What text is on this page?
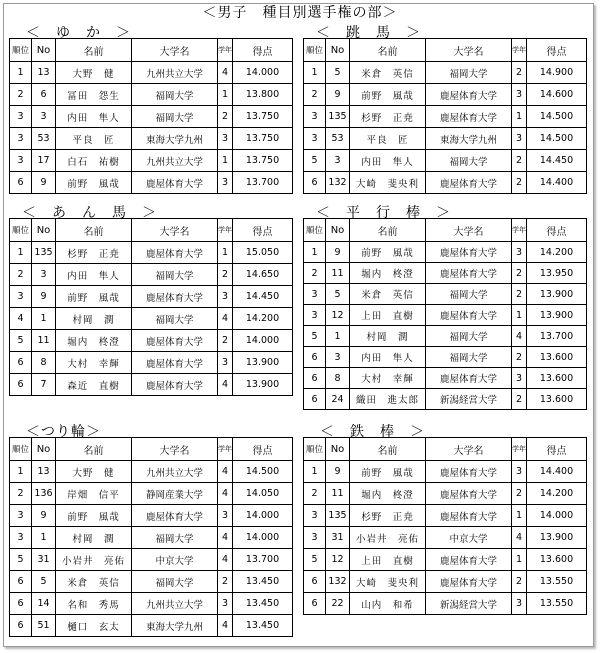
＜男子　種目別選手権の部＞
＜　ゆ　か　＞
順位	No	名前	大学名	学年	得点
1	13	大野　健	九州共立大学	4	14.000
2	6	冨田　怨生	福岡大学	1	13.800
3	3	内田　隼人	福岡大学	2	13.750
3	53	平良　匠	東海大学九州	3	13.750
3	17	白石　祐樹	九州共立大学	1	13.750
6	9	前野　風哉	鹿屋体育大学	3	13.700
＜　跳　馬　＞
順位	No	名前	大学名	学年	得点
1	5	米倉　英信	福岡大学	2	14.900
2	9	前野　風哉	鹿屋体育大学	3	14.600
3	135	杉野　正尭	鹿屋体育大学	1	14.500
3	53	平良　匠	東海大学九州	3	14.500
5	3	内田　隼人	福岡大学	2	14.450
6	132	大崎　斐央利	鹿屋体育大学	2	14.400
＜　あ　ん　馬　＞
順位	No	名前	大学名	学年	得点
1	135	杉野　正尭	鹿屋体育大学	1	15.050
2	3	内田　隼人	福岡大学	2	14.650
3	9	前野　風哉	鹿屋体育大学	3	14.450
4	1	村岡　潤	福岡大学	4	14.200
5	11	堀内　柊澄	鹿屋体育大学	2	14.000
6	8	大村　幸輝	鹿屋体育大学	3	13.900
6	7	森近　直樹	鹿屋体育大学	4	13.900
＜　平　行　棒　＞
順位	No	名前	大学名	学年	得点
1	9	前野　風哉	鹿屋体育大学	3	14.200
2	11	堀内　柊澄	鹿屋体育大学	2	13.950
3	5	米倉　英信	福岡大学	2	13.900
3	12	上田　直樹	鹿屋体育大学	1	13.900
5	1	村岡　潤	福岡大学	4	13.700
6	3	内田　隼人	福岡大学	2	13.600
6	8	大村　幸輝	鹿屋体育大学	3	13.600
6	24	織田　進太郎	新潟経営大学	2	13.600
＜つり輪＞
順位	No	名前	大学名	学年	得点
1	13	大野　健	九州共立大学	4	14.500
2	136	岸畑　信平	静岡産業大学	4	14.050
3	9	前野　風哉	鹿屋体育大学	3	14.000
3	1	村岡　潤	福岡大学	4	14.000
5	31	小岩井　亮佑	中京大学	4	13.700
6	5	米倉　英信	福岡大学	2	13.450
6	14	名和　秀馬	九州共立大学	3	13.450
6	51	樋口　玄太	東海大学九州	4	13.450
＜　鉄　棒　＞
順位	No	名前	大学名	学年	得点
1	9	前野　風哉	鹿屋体育大学	3	14.400
2	11	堀内　柊澄	鹿屋体育大学	2	14.200
3	135	杉野　正尭	鹿屋体育大学	1	14.000
3	31	小岩井　亮佑	中京大学	4	13.900
5	12	上田　直樹	鹿屋体育大学	1	13.600
6	132	大崎　斐央利	鹿屋体育大学	2	13.550
6	22	山内　和希	新潟経営大学	3	13.550
